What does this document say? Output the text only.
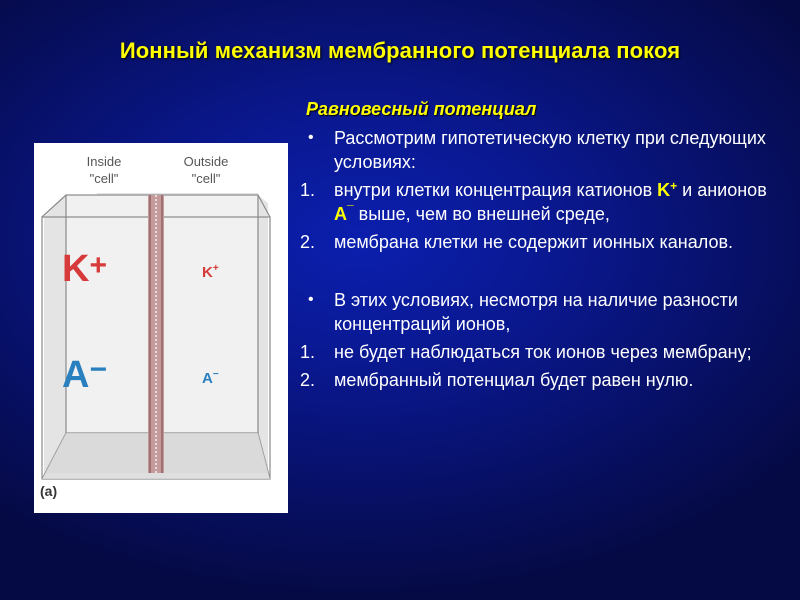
Ионный механизм мембранного потенциала покоя
Inside
"cell"
Outside
"cell"
K+	K+
A−	A−
(a)
Равновесный потенциал
•	Рассмотрим гипотетическую клетку при следующих условиях:
1.	внутри клетки концентрация катионов K+ и анионов A¯ выше, чем во внешней среде,
2.	мембрана клетки не содержит ионных каналов.
•	В этих условиях, несмотря на наличие разности концентраций ионов,
1.	не будет наблюдаться ток ионов через мембрану;
2.	мембранный потенциал будет равен нулю.
